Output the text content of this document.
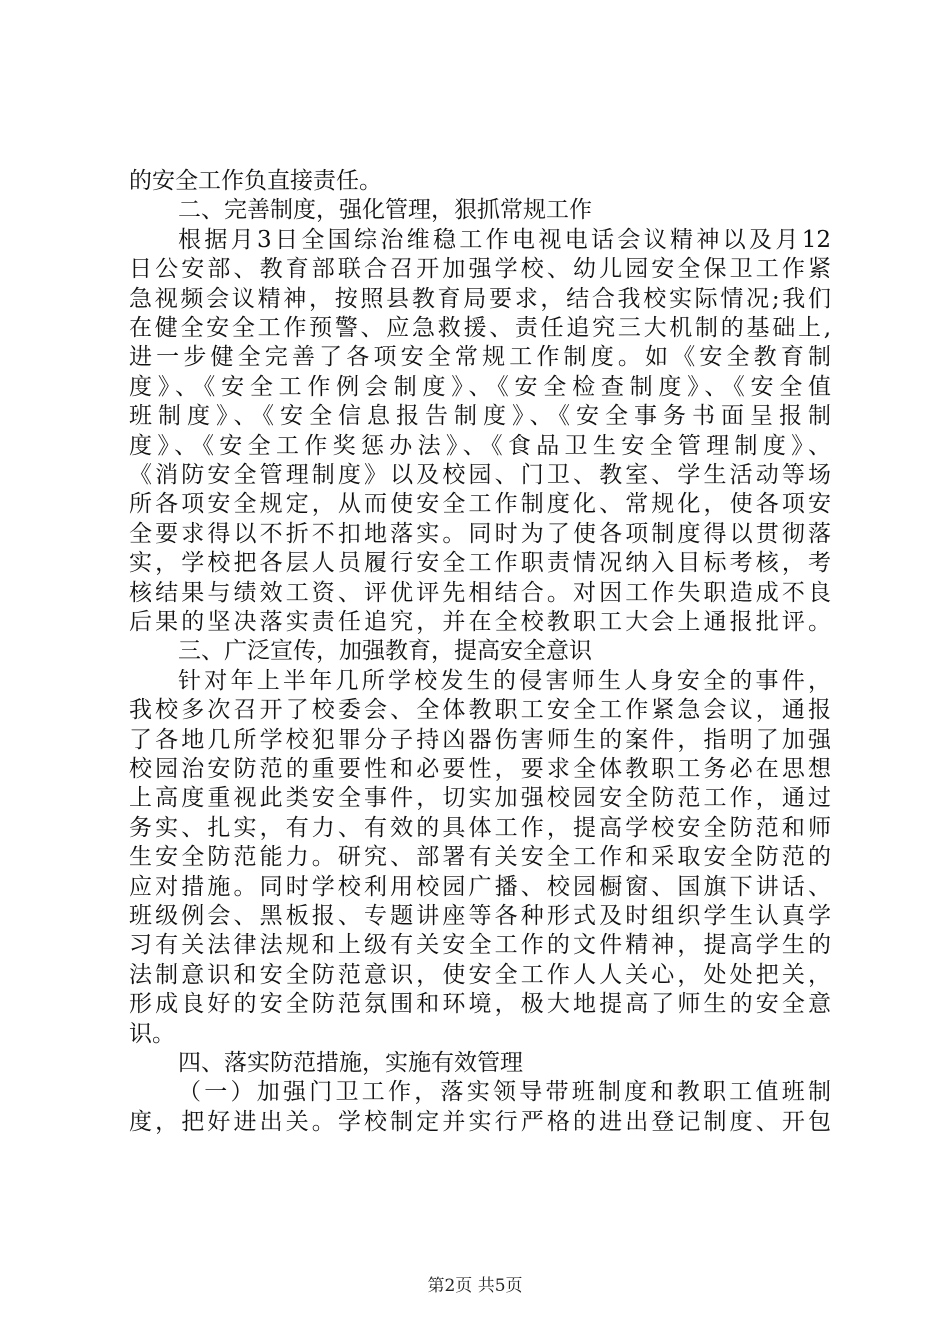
的安全工作负直接责任。
二、完善制度，强化管理，狠抓常规工作
根据月3日全国综治维稳工作电视电话会议精神以及月12
日公安部、教育部联合召开加强学校、幼儿园安全保卫工作紧
急视频会议精神，按照县教育局要求，结合我校实际情况;我们
在健全安全工作预警、应急救援、责任追究三大机制的基础上,
进一步健全完善了各项安全常规工作制度。如《安全教育制
度》、《安全工作例会制度》、《安全检查制度》、《安全值
班制度》、《安全信息报告制度》、《安全事务书面呈报制
度》、《安全工作奖惩办法》、《食品卫生安全管理制度》、
《消防安全管理制度》以及校园、门卫、教室、学生活动等场
所各项安全规定，从而使安全工作制度化、常规化，使各项安
全要求得以不折不扣地落实。同时为了使各项制度得以贯彻落
实，学校把各层人员履行安全工作职责情况纳入目标考核，考
核结果与绩效工资、评优评先相结合。对因工作失职造成不良
后果的坚决落实责任追究，并在全校教职工大会上通报批评。
三、广泛宣传，加强教育，提高安全意识
针对年上半年几所学校发生的侵害师生人身安全的事件，
我校多次召开了校委会、全体教职工安全工作紧急会议，通报
了各地几所学校犯罪分子持凶器伤害师生的案件，指明了加强
校园治安防范的重要性和必要性，要求全体教职工务必在思想
上高度重视此类安全事件，切实加强校园安全防范工作，通过
务实、扎实，有力、有效的具体工作，提高学校安全防范和师
生安全防范能力。研究、部署有关安全工作和采取安全防范的
应对措施。同时学校利用校园广播、校园橱窗、国旗下讲话、
班级例会、黑板报、专题讲座等各种形式及时组织学生认真学
习有关法律法规和上级有关安全工作的文件精神，提高学生的
法制意识和安全防范意识，使安全工作人人关心，处处把关，
形成良好的安全防范氛围和环境，极大地提高了师生的安全意
识。
四、落实防范措施，实施有效管理
（一）加强门卫工作，落实领导带班制度和教职工值班制
度，把好进出关。学校制定并实行严格的进出登记制度、开包
第2页 共5页
